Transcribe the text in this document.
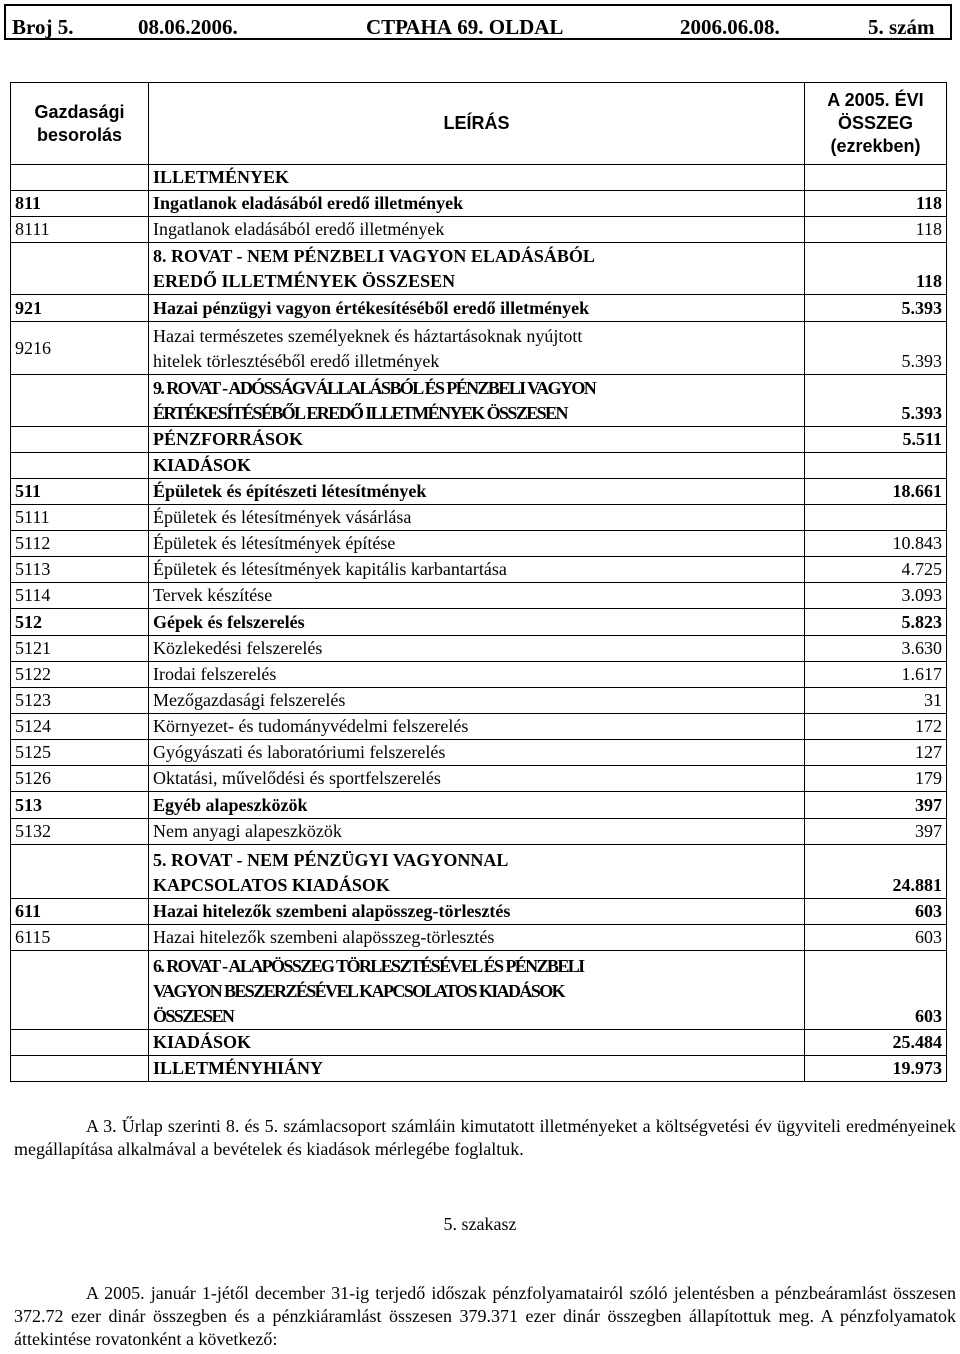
Broj 5.	08.06.2006.	СТРАНА 69. OLDAL	2006.06.08.	5. szám
Gazdasági besorolás	LEÍRÁS	A 2005. ÉVI
ÖSSZEG
(ezrekben)
	ILLETMÉNYEK	
811	Ingatlanok eladásából eredő illetmények	118
8111	Ingatlanok eladásából eredő illetmények	118
	8. ROVAT - NEM PÉNZBELI VAGYON ELADÁSÁBÓL
EREDŐ ILLETMÉNYEK ÖSSZESEN	118
921	Hazai pénzügyi vagyon értékesítéséből eredő illetmények	5.393
9216	Hazai természetes személyeknek és háztartásoknak nyújtott
hitelek törlesztéséből eredő illetmények	5.393
	9. ROVAT - ADÓSSÁGVÁLLALÁSBÓL ÉS PÉNZBELI VAGYON
ÉRTÉKESÍTÉSÉBŐL EREDŐ ILLETMÉNYEK ÖSSZESEN	5.393
	PÉNZFORRÁSOK	5.511
	KIADÁSOK	
511	Épületek és építészeti létesítmények	18.661
5111	Épületek és létesítmények vásárlása	
5112	Épületek és létesítmények építése	10.843
5113	Épületek és létesítmények kapitális karbantartása	4.725
5114	Tervek készítése	3.093
512	Gépek és felszerelés	5.823
5121	Közlekedési felszerelés	3.630
5122	Irodai felszerelés	1.617
5123	Mezőgazdasági felszerelés	31
5124	Környezet- és tudományvédelmi felszerelés	172
5125	Gyógyászati és laboratóriumi felszerelés	127
5126	Oktatási, művelődési és sportfelszerelés	179
513	Egyéb alapeszközök	397
5132	Nem anyagi alapeszközök	397
	5. ROVAT - NEM PÉNZÜGYI VAGYONNAL
KAPCSOLATOS KIADÁSOK	24.881
611	Hazai hitelezők szembeni alapösszeg-törlesztés	603
6115	Hazai hitelezők szembeni alapösszeg-törlesztés	603
	6. ROVAT - ALAPÖSSZEG TÖRLESZTÉSÉVEL ÉS PÉNZBELI
VAGYON BESZERZÉSÉVEL KAPCSOLATOS KIADÁSOK
ÖSSZESEN	603
	KIADÁSOK	25.484
	ILLETMÉNYHIÁNY	19.973
A 3. Űrlap szerinti 8. és 5. számlacsoport számláin kimutatott illetményeket a költségvetési év ügyviteli eredményeinek megállapítása alkalmával a bevételek és kiadások mérlegébe foglaltuk.
5. szakasz
A 2005. január 1-jétől december 31-ig terjedő időszak pénzfolyamatairól szóló jelentésben a pénzbeáramlást összesen 372.72 ezer dinár összegben és a pénzkiáramlást összesen 379.371 ezer dinár összegben állapítottuk meg. A pénzfolyamatok áttekintése rovatonként a következő:
